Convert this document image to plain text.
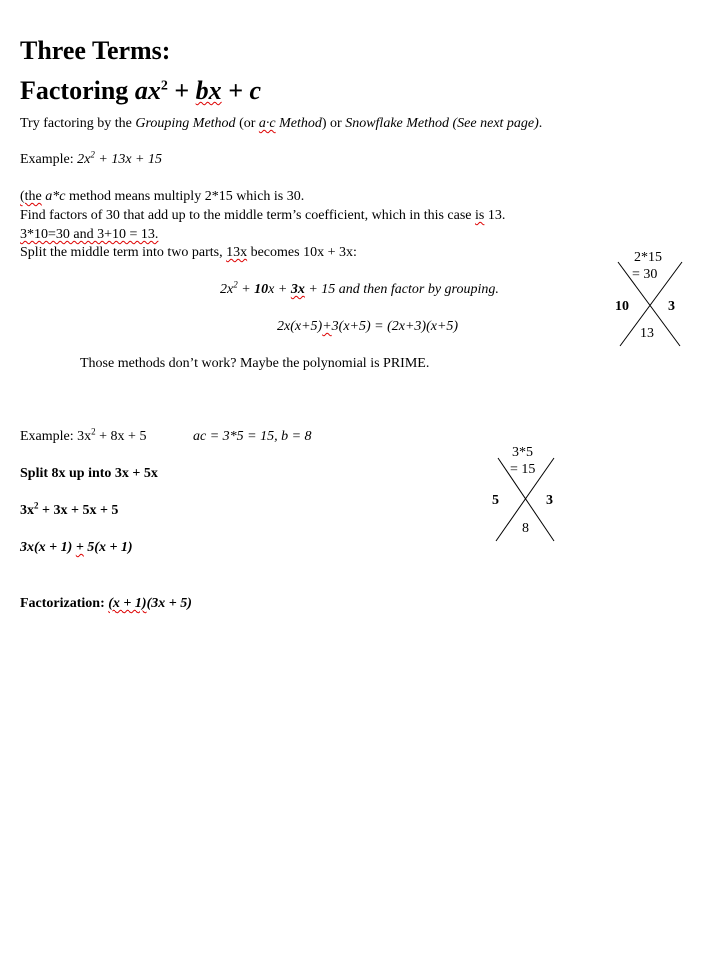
Three Terms:
Factoring $ax^2$ + bx + c
Try factoring by the Grouping Method (or a·c Method) or Snowflake Method (See next page).
Example: $2x^2 + 13x + 15$
(the a*c method means multiply 2*15 which is 30.
Find factors of 30 that add up to the middle term’s coefficient, which in this case is 13.
3*10=30 and 3+10 = 13.
Split the middle term into two parts, 13x becomes 10x + 3x:
$2x^2 + 10x + 3x + 15$ and then factor by grouping.
2x(x+5)+3(x+5) = (2x+3)(x+5)
Those methods don’t work? Maybe the polynomial is PRIME.
2*15
= 30
10	3
13
Example: $3x^2 + 8x + 5$	ac = 3*5 = 15, b = 8
Split 8x up into 3x + 5x
$3x^2 + 3x + 5x + 5$
3x(x + 1) + 5(x + 1)
Factorization: (x + 1)(3x + 5)
3*5
= 15
5	3
8
